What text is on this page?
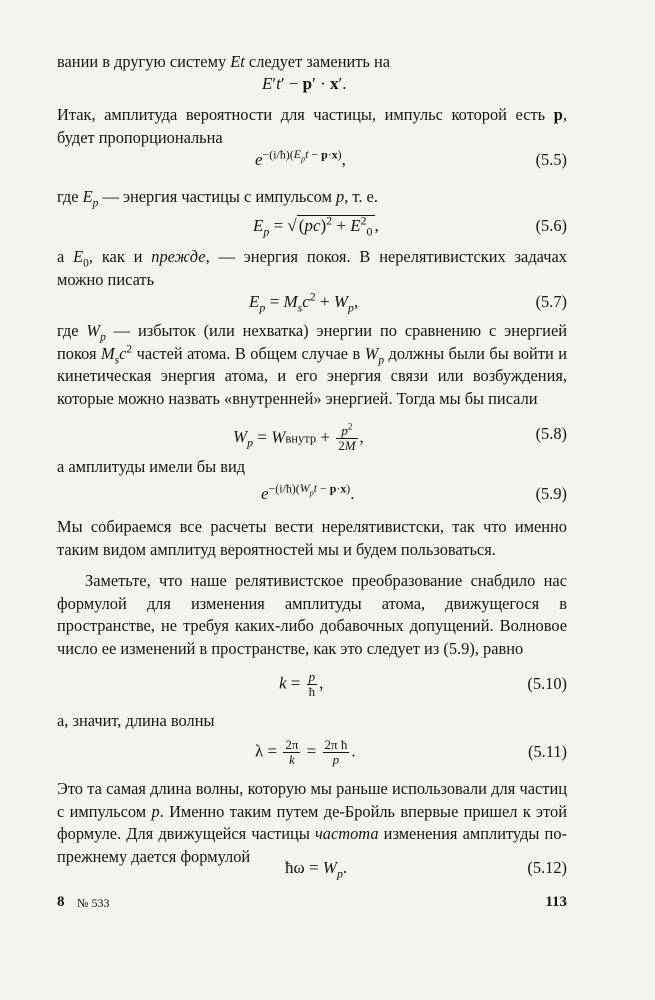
вании в другую систему Et следует заменить на

E′t′ − p′ · x′.

Итак, амплитуда вероятности для частицы, импульс которой есть p, будет пропорциональна

$e^{-(i/ħ)(E_pt - p\cdot x)}$,	(5.5)

где $E_p$ — энергия частицы с импульсом p, т. е.

$E_p$ = √ $(pc)^2 + E^2_0$ ,	(5.6)

а $E_0$, как и прежде, — энергия покоя. В нерелятивистских задачах можно писать

$E_p = M_sc^2 + W_p$,	(5.7)

где $W_p$ — избыток (или нехватка) энергии по сравнению с энергией покоя $M_sc^2$ частей атома. В общем случае в $W_p$ должны были бы войти и кинетическая энергия атома, и его энергия связи или возбуждения, которые можно назвать «внутренней» энергией. Тогда мы бы писали

$W_p$ = Wвнутр + $\frac{p^2}{2M}$ ,	(5.8)

а амплитуды имели бы вид

$e^{-(i/ħ)(W_pt - p\cdot x)}$.	(5.9)

Мы собираемся все расчеты вести нерелятивистски, так что именно таким видом амплитуд вероятностей мы и будем пользоваться.

Заметьте, что наше релятивистское преобразование снабдило нас формулой для изменения амплитуды атома, движущегося в пространстве, не требуя каких-либо добавочных допущений. Волновое число ее изменений в пространстве, как это следует из (5.9), равно

$k = \frac{p}{ħ}$ ,	(5.10)

а, значит, длина волны

$\lambda = \frac{2\pi}{k} = \frac{\text{2π ħ}}{p}$ .	(5.11)

Это та самая длина волны, которую мы раньше использовали для частиц с импульсом p. Именно таким путем де-Бройль впервые пришел к этой формуле. Для движущейся частицы частота изменения амплитуды по-прежнему дается формулой

ħω = $W_p$.	(5.12)
8 № 533	113
